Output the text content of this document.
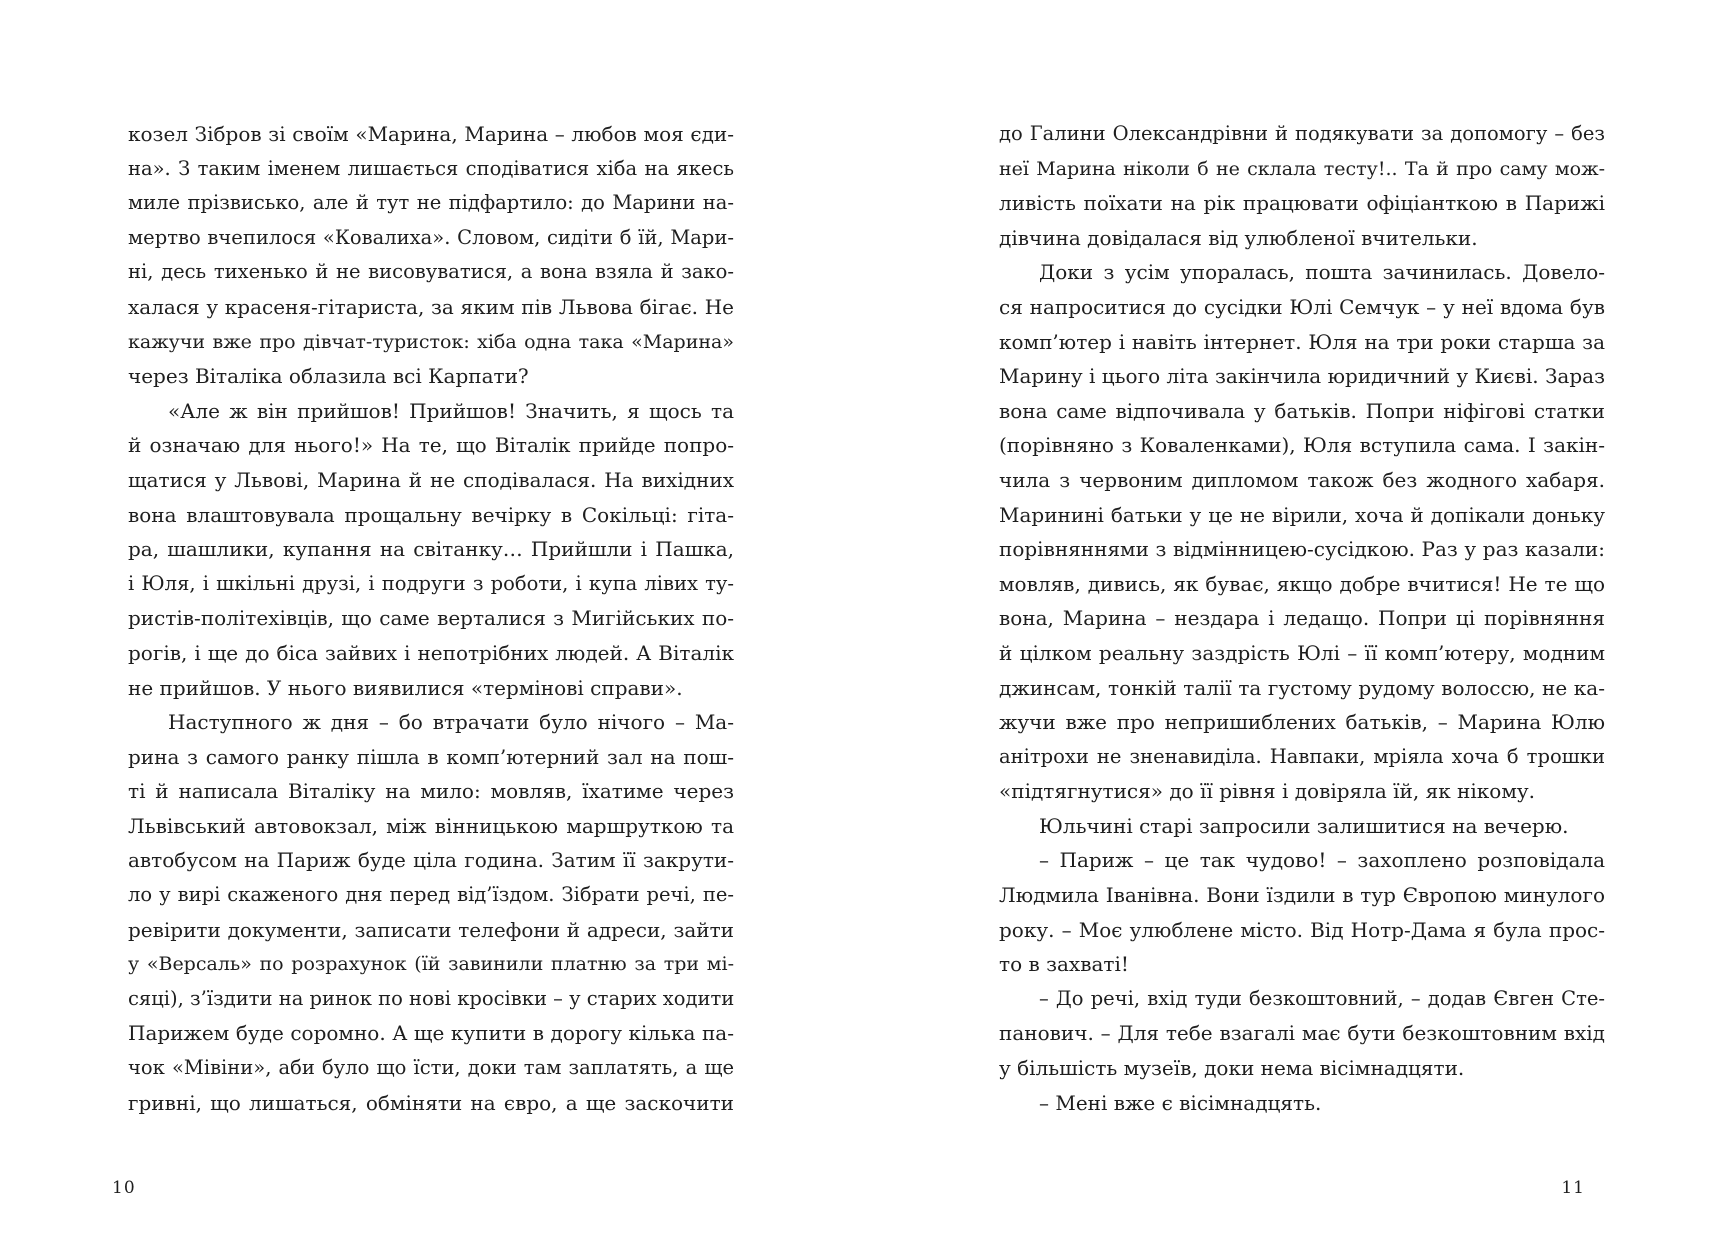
козел Зібров зі своїм «Марина, Марина – любов моя єди-
на». З таким іменем лишається сподіватися хіба на якесь
миле прізвисько, але й тут не підфартило: до Марини на-
мертво вчепилося «Ковалиха». Словом, сидіти б їй, Мари-
ні, десь тихенько й не висовуватися, а вона взяла й зако-
халася у красеня-гітариста, за яким пів Львова бігає. Не
кажучи вже про дівчат-туристок: хіба одна така «Марина»
через Віталіка облазила всі Карпати?
«Але ж він прийшов! Прийшов! Значить, я щось та
й означаю для нього!» На те, що Віталік прийде попро-
щатися у Львові, Марина й не сподівалася. На вихідних
вона влаштовувала прощальну вечірку в Сокільці: гіта-
ра, шашлики, купання на світанку… Прийшли і Пашка,
і Юля, і шкільні друзі, і подруги з роботи, і купа лівих ту-
ристів-політехівців, що саме верталися з Мигійських по-
рогів, і ще до біса зайвих і непотрібних людей. А Віталік
не прийшов. У нього виявилися «термінові справи».
Наступного ж дня – бо втрачати було нічого – Ма-
рина з самого ранку пішла в комп’ютерний зал на пош-
ті й написала Віталіку на мило: мовляв, їхатиме через
Львівський автовокзал, між вінницькою маршруткою та
автобусом на Париж буде ціла година. Затим її закрути-
ло у вирі скаженого дня перед від’їздом. Зібрати речі, пе-
ревірити документи, записати телефони й адреси, зайти
у «Версаль» по розрахунок (їй завинили платню за три мі-
сяці), з’їздити на ринок по нові кросівки – у старих ходити
Парижем буде соромно. А ще купити в дорогу кілька па-
чок «Мівіни», аби було що їсти, доки там заплатять, а ще
гривні, що лишаться, обміняти на євро, а ще заскочити
10
до Галини Олександрівни й подякувати за допомогу – без
неї Марина ніколи б не склала тесту!.. Та й про саму мож-
ливість поїхати на рік працювати офіціанткою в Парижі
дівчина довідалася від улюбленої вчительки.
Доки з усім упоралась, пошта зачинилась. Довело-
ся напроситися до сусідки Юлі Семчук – у неї вдома був
комп’ютер і навіть інтернет. Юля на три роки старша за
Марину і цього літа закінчила юридичний у Києві. Зараз
вона саме відпочивала у батьків. Попри ніфігові статки
(порівняно з Коваленками), Юля вступила сама. І закін-
чила з червоним дипломом також без жодного хабаря.
Маринині батьки у це не вірили, хоча й допікали доньку
порівняннями з відмінницею-сусідкою. Раз у раз казали:
мовляв, дивись, як буває, якщо добре вчитися! Не те що
вона, Марина – нездара і ледащо. Попри ці порівняння
й цілком реальну заздрість Юлі – її комп’ютеру, модним
джинсам, тонкій талії та густому рудому волоссю, не ка-
жучи вже про непришиблених батьків, – Марина Юлю
анітрохи не зненавиділа. Навпаки, мріяла хоча б трошки
«підтягнутися» до її рівня і довіряла їй, як нікому.
Юльчині старі запросили залишитися на вечерю.
– Париж – це так чудово! – захоплено розповідала
Людмила Іванівна. Вони їздили в тур Європою минулого
року. – Моє улюблене місто. Від Нотр-Дама я була прос-
то в захваті!
– До речі, вхід туди безкоштовний, – додав Євген Сте-
панович. – Для тебе взагалі має бути безкоштовним вхід
у більшість музеїв, доки нема вісімнадцяти.
– Мені вже є вісімнадцять.
11
